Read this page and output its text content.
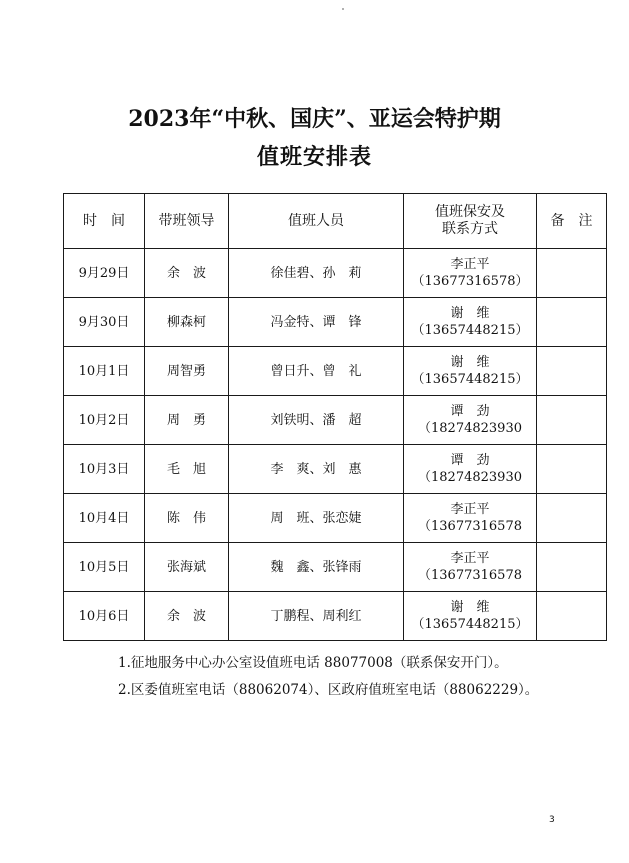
2023年“中秋、国庆”、亚运会特护期
值班安排表
时　间	带班领导	值班人员	值班保安及
联系方式	备　注
9月29日	余　波	徐佳碧、孙　莉	李正平
（13677316578）	

9月30日	柳森柯	冯金特、谭　锋	谢　维
（13657448215）	

10月1日	周智勇	曾日升、曾　礼	谢　维
（13657448215）	

10月2日	周　勇	刘铁明、潘　超	谭　劲
（18274823930	

10月3日	毛　旭	李　爽、刘　惠	谭　劲
（18274823930	

10月4日	陈　伟	周　班、张恋婕	李正平
（13677316578	

10月5日	张海斌	魏　鑫、张锋雨	李正平
（13677316578	

10月6日	余　波	丁鹏程、周利红	谢　维
（13657448215）	

1.征地服务中心办公室设值班电话 88077008（联系保安开门）。
2.区委值班室电话（88062074）、区政府值班室电话（88062229）。
3
